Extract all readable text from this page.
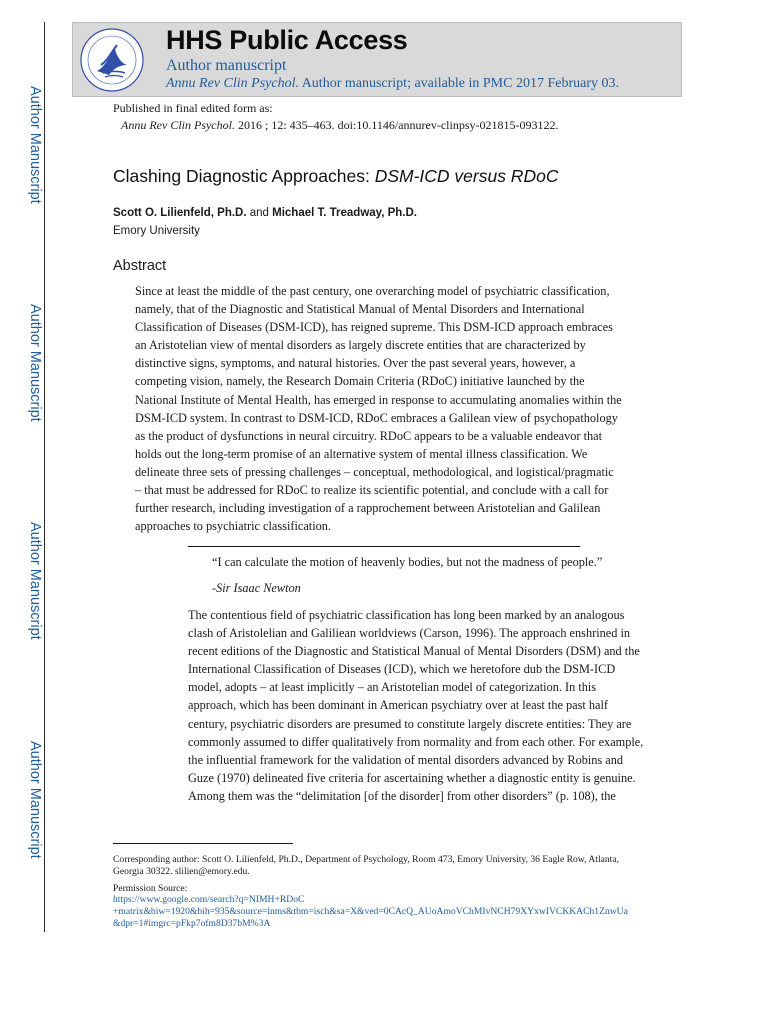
Author Manuscript
Author Manuscript
Author Manuscript
Author Manuscript
HHS Public Access
Author manuscript
Annu Rev Clin Psychol. Author manuscript; available in PMC 2017 February 03.
Published in final edited form as:
Annu Rev Clin Psychol. 2016 ; 12: 435–463. doi:10.1146/annurev-clinpsy-021815-093122.
Clashing Diagnostic Approaches: DSM-ICD versus RDoC
Scott O. Lilienfeld, Ph.D. and Michael T. Treadway, Ph.D.
Emory University
Abstract
Since at least the middle of the past century, one overarching model of psychiatric classification,
namely, that of the Diagnostic and Statistical Manual of Mental Disorders and International
Classification of Diseases (DSM-ICD), has reigned supreme. This DSM-ICD approach embraces
an Aristotelian view of mental disorders as largely discrete entities that are characterized by
distinctive signs, symptoms, and natural histories. Over the past several years, however, a
competing vision, namely, the Research Domain Criteria (RDoC) initiative launched by the
National Institute of Mental Health, has emerged in response to accumulating anomalies within the
DSM-ICD system. In contrast to DSM-ICD, RDoC embraces a Galilean view of psychopathology
as the product of dysfunctions in neural circuitry. RDoC appears to be a valuable endeavor that
holds out the long-term promise of an alternative system of mental illness classification. We
delineate three sets of pressing challenges – conceptual, methodological, and logistical/pragmatic
– that must be addressed for RDoC to realize its scientific potential, and conclude with a call for
further research, including investigation of a rapprochement between Aristotelian and Galilean
approaches to psychiatric classification.
“I can calculate the motion of heavenly bodies, but not the madness of people.”
-Sir Isaac Newton
The contentious field of psychiatric classification has long been marked by an analogous
clash of Aristolelian and Galiliean worldviews (Carson, 1996). The approach enshrined in
recent editions of the Diagnostic and Statistical Manual of Mental Disorders (DSM) and the
International Classification of Diseases (ICD), which we heretofore dub the DSM-ICD
model, adopts – at least implicitly – an Aristotelian model of categorization. In this
approach, which has been dominant in American psychiatry over at least the past half
century, psychiatric disorders are presumed to constitute largely discrete entities: They are
commonly assumed to differ qualitatively from normality and from each other. For example,
the influential framework for the validation of mental disorders advanced by Robins and
Guze (1970) delineated five criteria for ascertaining whether a diagnostic entity is genuine.
Among them was the “delimitation [of the disorder] from other disorders” (p. 108), the
Corresponding author: Scott O. Lilienfeld, Ph.D., Department of Psychology, Room 473, Emory University, 36 Eagle Row, Atlanta,
Georgia 30322. slilien@emory.edu.
Permission Source:
https://www.google.com/search?q=NIMH+RDoC
+matrix&biw=1920&bih=935&source=lnms&tbm=isch&sa=X&ved=0CAcQ_AUoAmoVChMIvNCH79XYxwIVCKKACh1ZnwUa
&dpr=1#imgrc=pFkp7ofm8D37bM%3A
